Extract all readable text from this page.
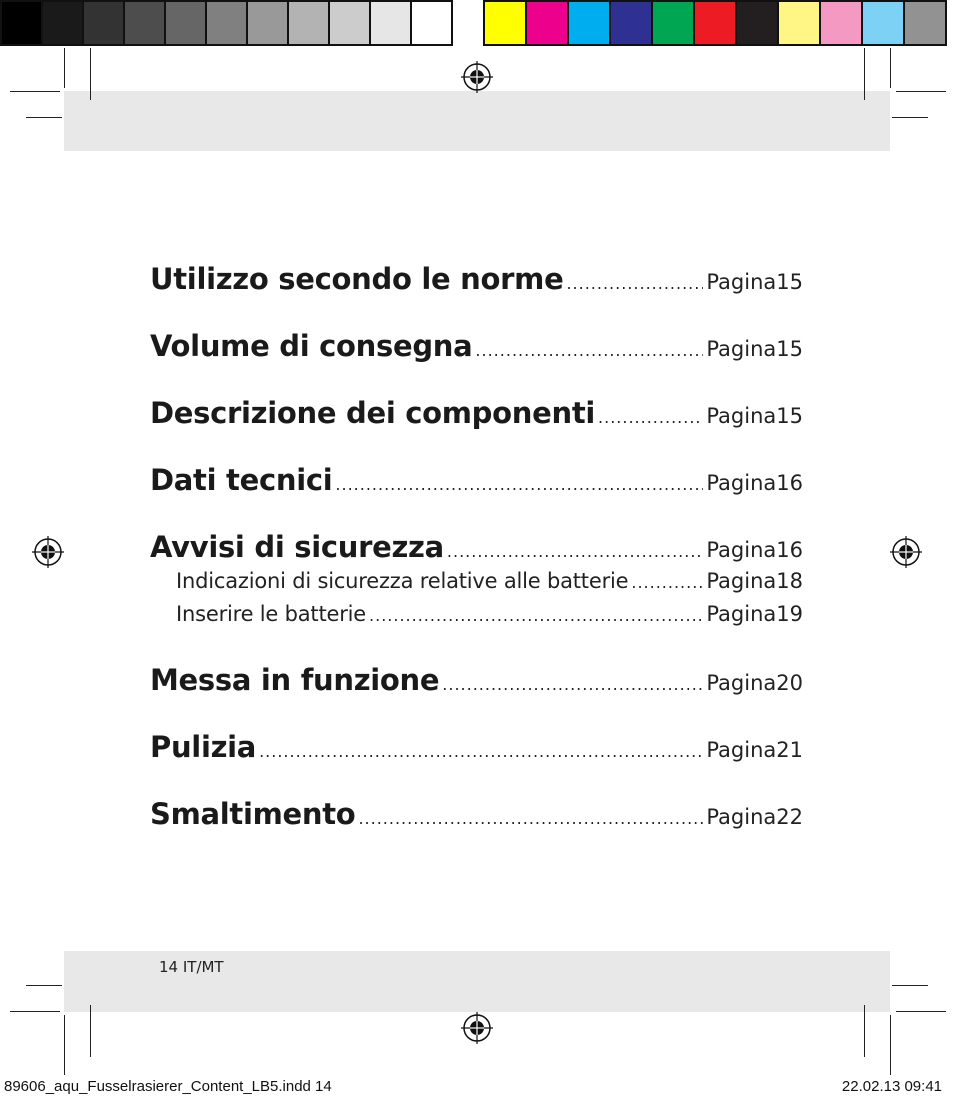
Utilizzo secondo le norme .....	Pagina 15
Volume di consegna .....	Pagina 15
Descrizione dei componenti .....	Pagina 15
Dati tecnici .....	Pagina 16
Avvisi di sicurezza .....	Pagina 16
Indicazioni di sicurezza relative alle batterie .....	Pagina 18
Inserire le batterie .....	Pagina 19
Messa in funzione .....	Pagina 20
Pulizia .....	Pagina 21
Smaltimento .....	Pagina 22
14 IT/MT
89606_aqu_Fusselrasierer_Content_LB5.indd 14	22.02.13 09:41
